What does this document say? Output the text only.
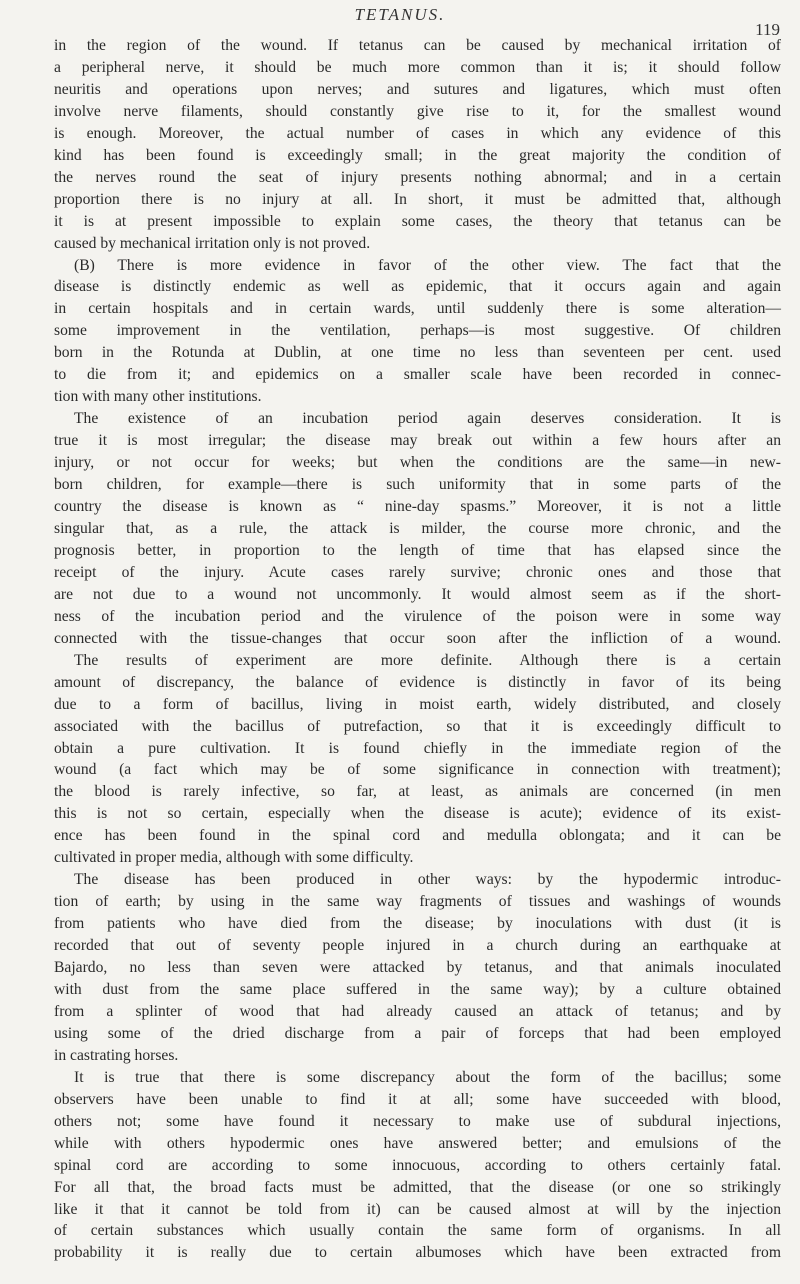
TETANUS.
119
in the region of the wound. If tetanus can be caused by mechanical irritation of
a peripheral nerve, it should be much more common than it is; it should follow
neuritis and operations upon nerves; and sutures and ligatures, which must often
involve nerve filaments, should constantly give rise to it, for the smallest wound
is enough. Moreover, the actual number of cases in which any evidence of this
kind has been found is exceedingly small; in the great majority the condition of
the nerves round the seat of injury presents nothing abnormal; and in a certain
proportion there is no injury at all. In short, it must be admitted that, although
it is at present impossible to explain some cases, the theory that tetanus can be
caused by mechanical irritation only is not proved.
(B) There is more evidence in favor of the other view. The fact that the
disease is distinctly endemic as well as epidemic, that it occurs again and again
in certain hospitals and in certain wards, until suddenly there is some alteration—
some improvement in the ventilation, perhaps—is most suggestive. Of children
born in the Rotunda at Dublin, at one time no less than seventeen per cent. used
to die from it; and epidemics on a smaller scale have been recorded in connec-
tion with many other institutions.
The existence of an incubation period again deserves consideration. It is
true it is most irregular; the disease may break out within a few hours after an
injury, or not occur for weeks; but when the conditions are the same—in new-
born children, for example—there is such uniformity that in some parts of the
country the disease is known as “ nine-day spasms.” Moreover, it is not a little
singular that, as a rule, the attack is milder, the course more chronic, and the
prognosis better, in proportion to the length of time that has elapsed since the
receipt of the injury. Acute cases rarely survive; chronic ones and those that
are not due to a wound not uncommonly. It would almost seem as if the short-
ness of the incubation period and the virulence of the poison were in some way
connected with the tissue-changes that occur soon after the infliction of a wound.
The results of experiment are more definite. Although there is a certain
amount of discrepancy, the balance of evidence is distinctly in favor of its being
due to a form of bacillus, living in moist earth, widely distributed, and closely
associated with the bacillus of putrefaction, so that it is exceedingly difficult to
obtain a pure cultivation. It is found chiefly in the immediate region of the
wound (a fact which may be of some significance in connection with treatment);
the blood is rarely infective, so far, at least, as animals are concerned (in men
this is not so certain, especially when the disease is acute); evidence of its exist-
ence has been found in the spinal cord and medulla oblongata; and it can be
cultivated in proper media, although with some difficulty.
The disease has been produced in other ways: by the hypodermic introduc-
tion of earth; by using in the same way fragments of tissues and washings of wounds
from patients who have died from the disease; by inoculations with dust (it is
recorded that out of seventy people injured in a church during an earthquake at
Bajardo, no less than seven were attacked by tetanus, and that animals inoculated
with dust from the same place suffered in the same way); by a culture obtained
from a splinter of wood that had already caused an attack of tetanus; and by
using some of the dried discharge from a pair of forceps that had been employed
in castrating horses.
It is true that there is some discrepancy about the form of the bacillus; some
observers have been unable to find it at all; some have succeeded with blood,
others not; some have found it necessary to make use of subdural injections,
while with others hypodermic ones have answered better; and emulsions of the
spinal cord are according to some innocuous, according to others certainly fatal.
For all that, the broad facts must be admitted, that the disease (or one so strikingly
like it that it cannot be told from it) can be caused almost at will by the injection
of certain substances which usually contain the same form of organisms. In all
probability it is really due to certain albumoses which have been extracted from
